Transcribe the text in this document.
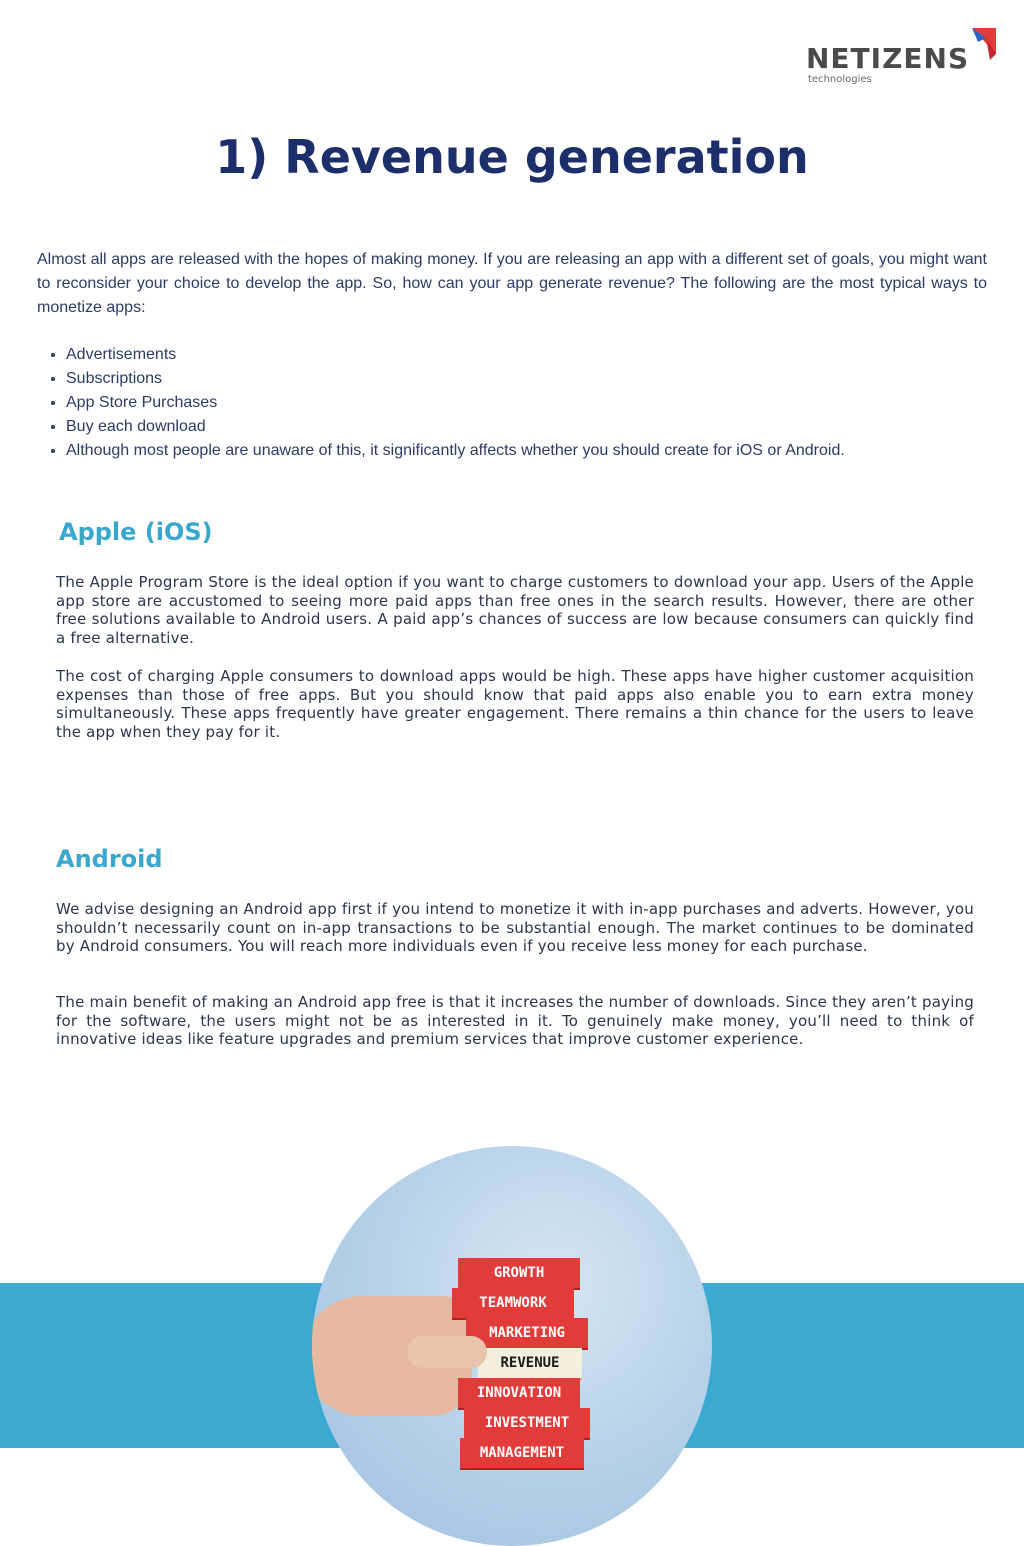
NETIZENS
technologies
1) Revenue generation

Almost all apps are released with the hopes of making money. If you are releasing an app with a different set of goals, you might want to reconsider your choice to develop the app. So, how can your app generate revenue? The following are the most typical ways to monetize apps:

• Advertisements
• Subscriptions
• App Store Purchases
• Buy each download
• Although most people are unaware of this, it significantly affects whether you should create for iOS or Android.
Apple (iOS)

The Apple Program Store is the ideal option if you want to charge customers to download your app. Users of the Apple app store are accustomed to seeing more paid apps than free ones in the search results. However, there are other free solutions available to Android users. A paid app’s chances of success are low because consumers can quickly find a free alternative.

The cost of charging Apple consumers to download apps would be high. These apps have higher customer acquisition expenses than those of free apps. But you should know that paid apps also enable you to earn extra money simultaneously. These apps frequently have greater engagement. There remains a thin chance for the users to leave the app when they pay for it.

Android

We advise designing an Android app first if you intend to monetize it with in-app purchases and adverts. However, you shouldn’t necessarily count on in-app transactions to be substantial enough. The market continues to be dominated by Android consumers. You will reach more individuals even if you receive less money for each purchase.

The main benefit of making an Android app free is that it increases the number of downloads. Since they aren’t paying for the software, the users might not be as interested in it. To genuinely make money, you’ll need to think of innovative ideas like feature upgrades and premium services that improve customer experience.

GROWTH
TEAMWORK
MARKETING
REVENUE
INNOVATION
INVESTMENT
MANAGEMENT
